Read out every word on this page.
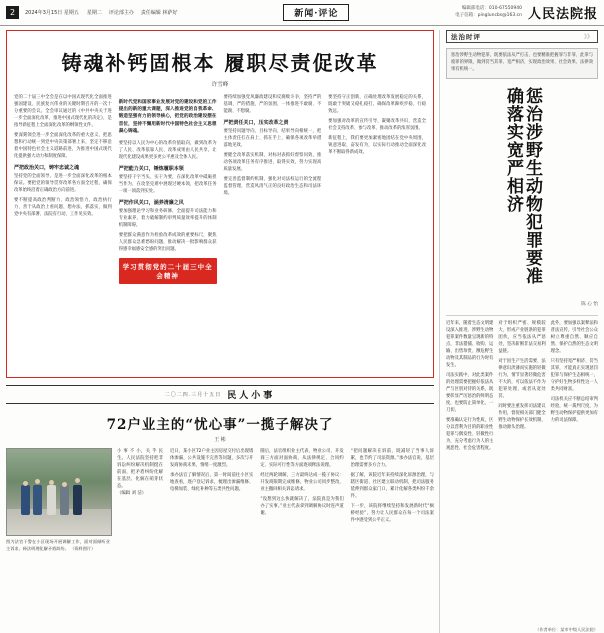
2	2024年3月15日 星期五 星期二 评论部主办 责任编辑 林萨好	新闻·评论
编辑部电话：010-67550940
电子信箱：pingluncbs@163.cn 人民法院报
铸魂补钙固根本 履职尽责促改革
许雪峰

党的二十届三中全会是在以中国式现代化全面推进强国建设、民族复兴伟业的关键时期召开的一次十分重要的会议。全会审议通过的《中共中央关于进一步全面深化改革、推进中国式现代化的决定》，是指导新征程上全面深化改革的纲领性文件。

要深刻领会进一步全面深化改革的重大意义，把思想和行动统一到党中央决策部署上来，坚定不移沿着中国特色社会主义道路前进，为推进中国式现代化提供强大动力和制度保障。

严把政治关口，铸牢忠诚之魂

坚持党的全面领导，是进一步全面深化改革的根本保证。要把党的领导贯穿改革各方面全过程，确保改革始终沿着正确政治方向前进。

要不断提高政治判断力、政治领悟力、政治执行力，善于从政治上看问题、想办法、抓落实，做到党中央有部署、法院有行动、工作见实效。

新时代党和国家事业发展对党的建设和党的工作提出的新的重大课题，深入推进党的自我革命、锻造坚强有力的领导核心，把党的政治建设摆在首位，坚持不懈用新时代中国特色社会主义思想凝心铸魂。

要坚持以人民为中心的改革价值取向，做到改革为了人民、改革依靠人民、改革成果由人民共享，让现代化建设成果更多更公平惠及全体人民。

严把能力关口，锤炼履职本领

要坚持干字当头、实干为要，在深化改革中砥砺担当作为，在攻坚克难中展现过硬本领，把改革任务一项一项落到实处。

严把作风关口，涵养清廉之风

要加强理论学习和业务研修，全面提升司法能力和专业素养，着力破解制约审判质量效率提升的体制机制障碍。

要把群众满意作为检验改革成效的重要标尺，聚焦人民群众急难愁盼问题，推动解决一批影响群众获得感幸福感安全感的突出问题。

学习贯彻党的二十届三中全会精神

要持续加强党风廉政建设和反腐败斗争，坚持严的基调、严的措施、严的氛围，一体推进不敢腐、不能腐、不想腐。

严把责任关口，压实改革之责

要坚持问题导向、目标导向、结果导向相统一，把主体责任扛在肩上、抓在手上，确保各项改革举措落地见效。

要健全改革落实机制，对标对表抓好督察问效，推动各项改革任务有序推进、取得实效，努力实现高质量发展。

要完善监督制约机制，强化对司法权运行的全流程监督管理，营造风清气正的良好政治生态和司法环境。

要坚持守正创新，正确处理改革发展稳定的关系，既敢于突破又稳扎稳打，确保改革蹄疾步稳、行稳致远。

要加强对改革的宣传引导，凝聚改革共识，营造全社会支持改革、参与改革、推动改革的浓厚氛围。

新征程上，我们要更加紧密地团结在党中央周围，锐意进取、奋发有为，以实际行动推动全面深化改革不断取得新成效。

二〇二四.三月十五日 民人小事
72户业主的“忧心事”一揽子解决了
王 彬
图为法官干警在小区现场开展调解工作，面对面倾听业主诉求，释法明理化解矛盾纠纷。 （资料图片）
小 事 不 小，关 乎 民 生。人民法院坚持把非诉讼纠纷解决机制挺在前面，把矛盾纠纷化解在基层、化解在萌芽状态。
（编辑 刘 洁）

近日，某小区72户业主因房屋交付后出现墙体渗漏、公共设施不完善等问题，多次与开发商协商未果，情绪一度激烈。

承办法官了解情况后，第一时间前往小区实地查看，逐户登记诉求，梳理出渗漏维修、电梯加装、绿化补种等五类共性问题。

随后，法官组织业主代表、物业公司、开发商三方面对面协商，从法律规定、合同约定、实际可行性等方面逐项释法说理。

经过两轮调解，三方最终达成一揽子协议：开发商限期完成维修，物业公司同步整改，业主撤回相关诉讼请求。

“没想到这么快就解决了，法院真是为我们办了实事。”业主代表拿到调解协议时连声道谢。

“把问题解决在诉前，既减轻了当事人诉累，也节约了司法资源。”承办法官说，基层治理需要多方合力。

据了解，该院近年来持续深化诉源治理，与辖区街道、社区建立联动机制，把司法服务延伸到群众家门口，累计化解各类纠纷千余件。

下一步，该院将继续坚持和发展新时代“枫桥经验”，努力让人民群众在每一个司法案件中感受到公平正义。

法治时评	》》
惩治涉野生动物犯罪，既要依法从严打击，也要精准把握罪与非罪、此罪与彼罪的界限，做到罚当其罪、宽严相济，实现政治效果、社会效果、法律效果有机统一。
惩治涉野生动物犯罪要准确落实宽严相济
陈 心 怡

近年来，随着生态文明建设深入推进，涉野生动物犯罪案件数量呈现新的特点，非法猎捕、收购、运输、出售珍贵、濒危野生动物及其制品的行为时有发生。

司法实践中，对此类案件的处理需要把握好依法从严与区别对待的关系，既要彰显严厉惩治的鲜明态度，也要防止简单化、一刀切。

要准确认定行为性质，区分以营利为目的的职业性犯罪与偶发性、轻微性行为，充分考虑行为人的主观恶性、社会危害程度。

对于组织严密、规模较大、形成产业链条的犯罪团伙，应当依法从严惩处，坚决斩断非法交易利益链。

对于因生产生活需要、法律意识淡薄而实施的轻微行为，情节显著轻微危害不大的，可以依法不作为犯罪处理，或者从宽处罚。

同时要注重发挥司法建议作用，督促相关部门健全野生动物保护长效机制，推动源头治理。

此外，要加强以案释法和普法宣传，引导社会公众树立尊重自然、顺应自然、保护自然的生态文明理念。

只有坚持宽严相济、罚当其罪，才能真正实现惩罚犯罪与保护生态相统一，守护好生物多样性这一人类共同财富。

司法机关应不断总结审判经验，统一裁判尺度，为野生动物保护提供更加有力的司法保障。

（作者单位：某市中级人民法院）
